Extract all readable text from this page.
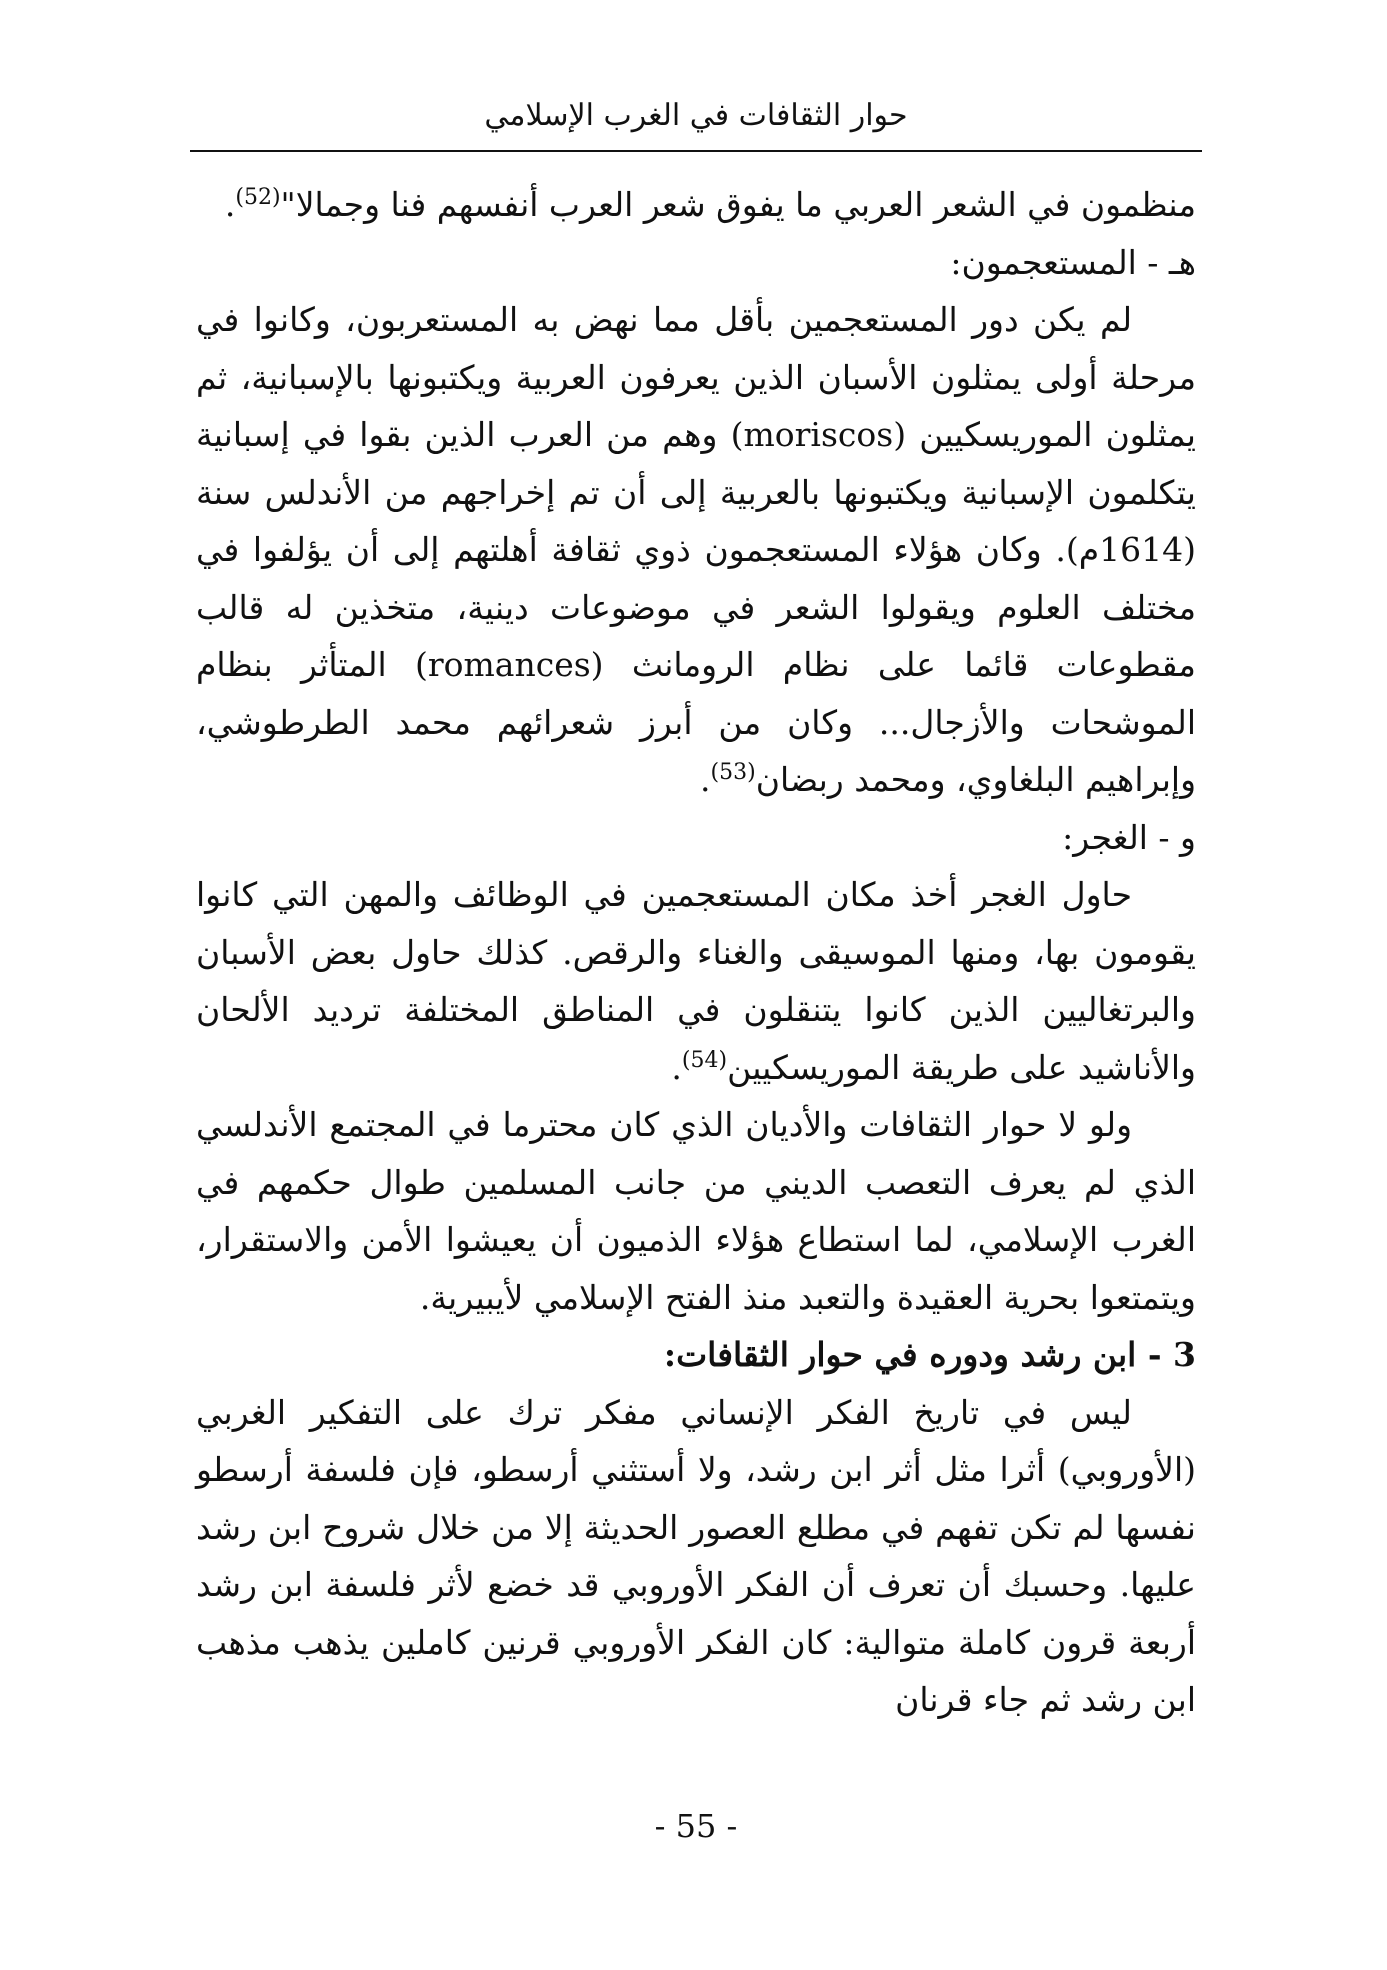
حوار الثقافات في الغرب الإسلامي

منظمون في الشعر العربي ما يفوق شعر العرب أنفسهم فنا وجمالا"$^{(52)}$.

هـ - المستعجمون:

لم يكن دور المستعجمين بأقل مما نهض به المستعربون، وكانوا في مرحلة أولى يمثلون الأسبان الذين يعرفون العربية ويكتبونها بالإسبانية، ثم يمثلون الموريسكيين (moriscos) وهم من العرب الذين بقوا في إسبانية يتكلمون الإسبانية ويكتبونها بالعربية إلى أن تم إخراجهم من الأندلس سنة (1614م). وكان هؤلاء المستعجمون ذوي ثقافة أهلتهم إلى أن يؤلفوا في مختلف العلوم ويقولوا الشعر في موضوعات دينية، متخذين له قالب مقطوعات قائما على نظام الرومانث (romances) المتأثر بنظام الموشحات والأزجال... وكان من أبرز شعرائهم محمد الطرطوشي، وإبراهيم البلغاوي، ومحمد ربضان$^{(53)}$.

و - الغجر:

حاول الغجر أخذ مكان المستعجمين في الوظائف والمهن التي كانوا يقومون بها، ومنها الموسيقى والغناء والرقص. كذلك حاول بعض الأسبان والبرتغاليين الذين كانوا يتنقلون في المناطق المختلفة ترديد الألحان والأناشيد على طريقة الموريسكيين$^{(54)}$.

ولو لا حوار الثقافات والأديان الذي كان محترما في المجتمع الأندلسي الذي لم يعرف التعصب الديني من جانب المسلمين طوال حكمهم في الغرب الإسلامي، لما استطاع هؤلاء الذميون أن يعيشوا الأمن والاستقرار، ويتمتعوا بحرية العقيدة والتعبد منذ الفتح الإسلامي لأيبيرية.

3 - ابن رشد ودوره في حوار الثقافات:

ليس في تاريخ الفكر الإنساني مفكر ترك على التفكير الغربي (الأوروبي) أثرا مثل أثر ابن رشد، ولا أستثني أرسطو، فإن فلسفة أرسطو نفسها لم تكن تفهم في مطلع العصور الحديثة إلا من خلال شروح ابن رشد عليها. وحسبك أن تعرف أن الفكر الأوروبي قد خضع لأثر فلسفة ابن رشد أربعة قرون كاملة متوالية: كان الفكر الأوروبي قرنين كاملين يذهب مذهب ابن رشد ثم جاء قرنان

- 55 -
